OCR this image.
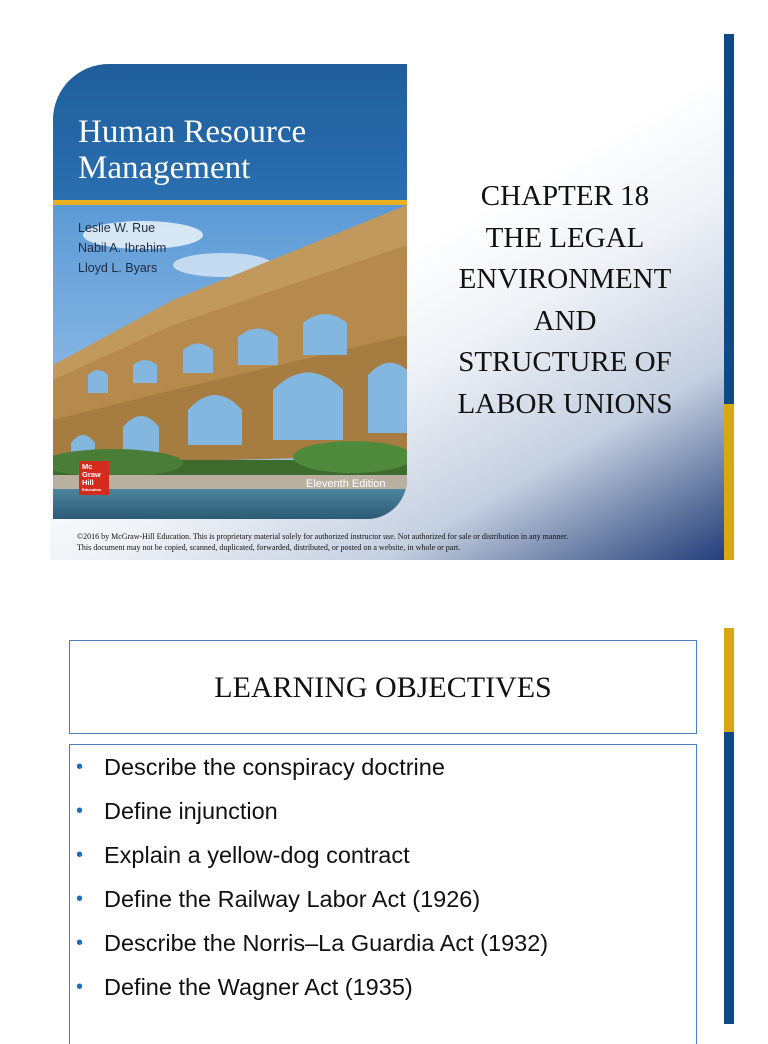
Human Resource
Management
Leslie W. Rue
Nabil A. Ibrahim
Lloyd L. Byars
Mc
Graw
Hill
Education	Eleventh Edition
CHAPTER 18
THE LEGAL
ENVIRONMENT
AND
STRUCTURE OF
LABOR UNIONS
©2016 by McGraw-Hill Education. This is proprietary material solely for authorized instructor use. Not authorized for sale or distribution in any manner.
This document may not be copied, scanned, duplicated, forwarded, distributed, or posted on a website, in whole or part.
LEARNING OBJECTIVES
• Describe the conspiracy doctrine
• Define injunction
• Explain a yellow-dog contract
• Define the Railway Labor Act (1926)
• Describe the Norris–La Guardia Act (1932)
• Define the Wagner Act (1935)
